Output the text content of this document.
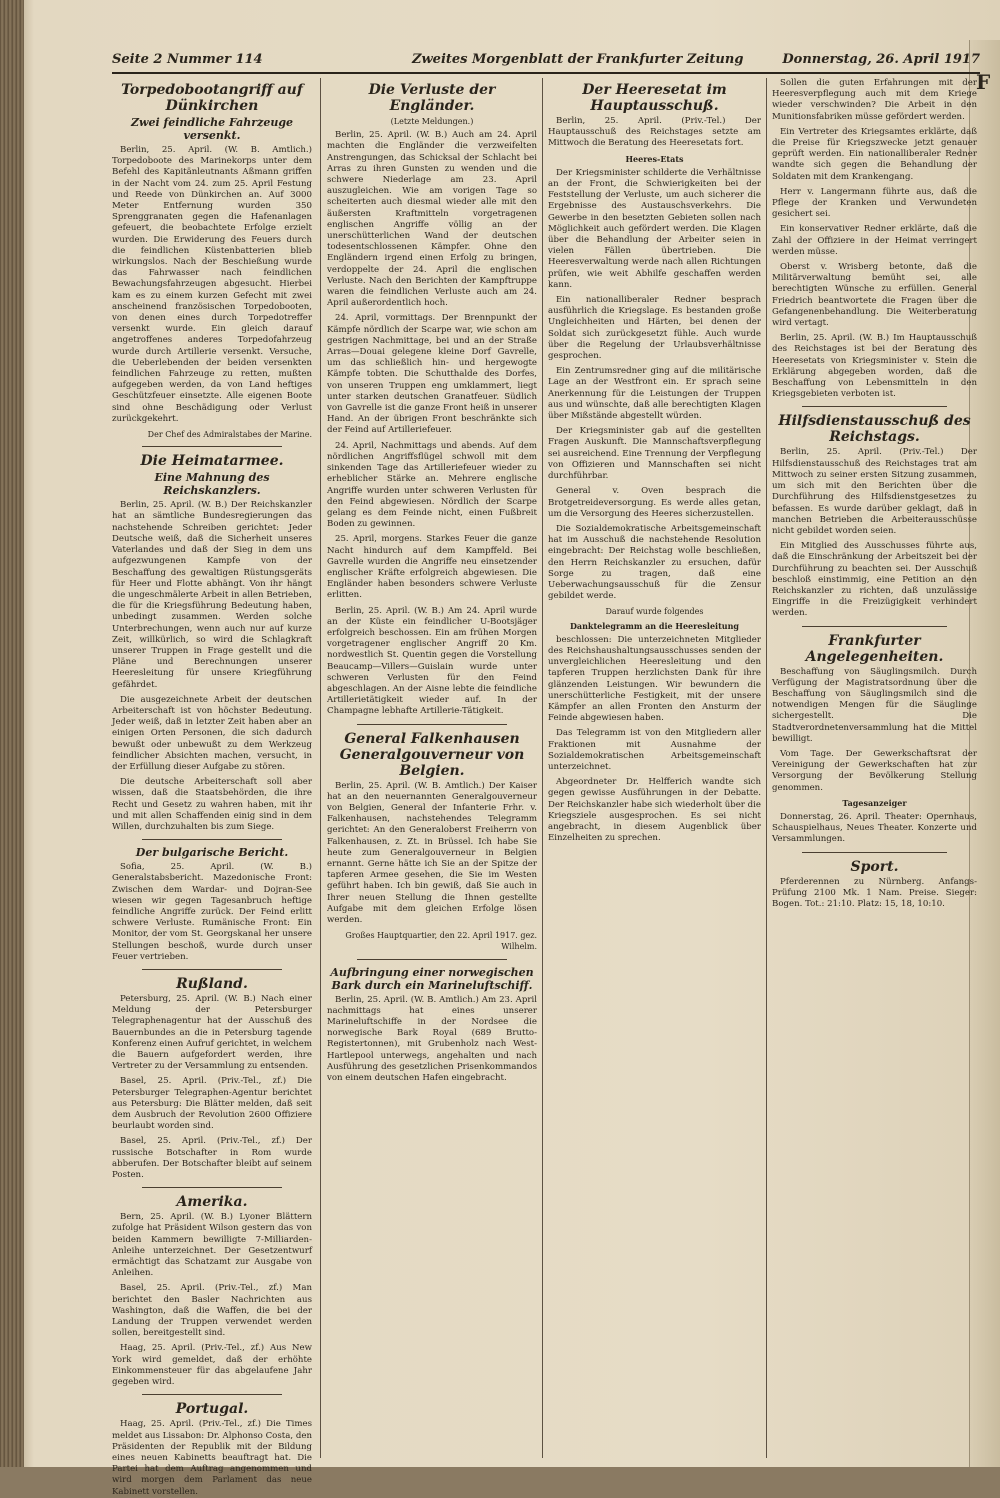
F
Seite 2 Nummer 114	Zweites Morgenblatt der Frankfurter Zeitung	Donnerstag, 26. April 1917
Torpedobootangriff auf Dünkirchen
Zwei feindliche Fahrzeuge versenkt.

Berlin, 25. April. (W. B. Amtlich.) Torpedoboote des Marinekorps unter dem Befehl des Kapitänleutnants Aßmann griffen in der Nacht vom 24. zum 25. April Festung und Reede von Dünkirchen an. Auf 3000 Meter Entfernung wurden 350 Sprenggranaten gegen die Hafenanlagen gefeuert, die beobachtete Erfolge erzielt wurden. Die Erwiderung des Feuers durch die feindlichen Küstenbatterien blieb wirkungslos. Nach der Beschießung wurde das Fahrwasser nach feindlichen Bewachungsfahrzeugen abgesucht. Hierbei kam es zu einem kurzen Gefecht mit zwei anscheinend französischen Torpedobooten, von denen eines durch Torpedotreffer versenkt wurde. Ein gleich darauf angetroffenes anderes Torpedofahrzeug wurde durch Artillerie versenkt. Versuche, die Ueberlebenden der beiden versenkten feindlichen Fahrzeuge zu retten, mußten aufgegeben werden, da von Land heftiges Geschützfeuer einsetzte. Alle eigenen Boote sind ohne Beschädigung oder Verlust zurückgekehrt.

Der Chef des Admiralstabes der Marine.
Die Heimatarmee.
Eine Mahnung des Reichskanzlers.

Berlin, 25. April. (W. B.) Der Reichskanzler hat an sämtliche Bundesregierungen das nachstehende Schreiben gerichtet: Jeder Deutsche weiß, daß die Sicherheit unseres Vaterlandes und daß der Sieg in dem uns aufgezwungenen Kampfe von der Beschaffung des gewaltigen Rüstungsgeräts für Heer und Flotte abhängt. Von ihr hängt die ungeschmälerte Arbeit in allen Betrieben, die für die Kriegsführung Bedeutung haben, unbedingt zusammen. Werden solche Unterbrechungen, wenn auch nur auf kurze Zeit, willkürlich, so wird die Schlagkraft unserer Truppen in Frage gestellt und die Pläne und Berechnungen unserer Heeresleitung für unsere Kriegführung gefährdet.

Die ausgezeichnete Arbeit der deutschen Arbeiterschaft ist von höchster Bedeutung. Jeder weiß, daß in letzter Zeit haben aber an einigen Orten Personen, die sich dadurch bewußt oder unbewußt zu dem Werkzeug feindlicher Absichten machen, versucht, in der Erfüllung dieser Aufgabe zu stören.

Die deutsche Arbeiterschaft soll aber wissen, daß die Staatsbehörden, die ihre Recht und Gesetz zu wahren haben, mit ihr und mit allen Schaffenden einig sind in dem Willen, durchzuhalten bis zum Siege.

Der bulgarische Bericht.

Sofia, 25. April. (W. B.) Generalstabsbericht. Mazedonische Front: Zwischen dem Wardar- und Dojran-See wiesen wir gegen Tagesanbruch heftige feindliche Angriffe zurück. Der Feind erlitt schwere Verluste. Rumänische Front: Ein Monitor, der vom St. Georgskanal her unsere Stellungen beschoß, wurde durch unser Feuer vertrieben.

Rußland.

Petersburg, 25. April. (W. B.) Nach einer Meldung der Petersburger Telegraphenagentur hat der Ausschuß des Bauernbundes an die in Petersburg tagende Konferenz einen Aufruf gerichtet, in welchem die Bauern aufgefordert werden, ihre Vertreter zu der Versammlung zu entsenden.

Basel, 25. April. (Priv.-Tel., zf.) Die Petersburger Telegraphen-Agentur berichtet aus Petersburg: Die Blätter melden, daß seit dem Ausbruch der Revolution 2600 Offiziere beurlaubt worden sind.

Basel, 25. April. (Priv.-Tel., zf.) Der russische Botschafter in Rom wurde abberufen. Der Botschafter bleibt auf seinem Posten.

Amerika.

Bern, 25. April. (W. B.) Lyoner Blättern zufolge hat Präsident Wilson gestern das von beiden Kammern bewilligte 7-Milliarden-Anleihe unterzeichnet. Der Gesetzentwurf ermächtigt das Schatzamt zur Ausgabe von Anleihen.

Basel, 25. April. (Priv.-Tel., zf.) Man berichtet den Basler Nachrichten aus Washington, daß die Waffen, die bei der Landung der Truppen verwendet werden sollen, bereitgestellt sind.

Haag, 25. April. (Priv.-Tel., zf.) Aus New York wird gemeldet, daß der erhöhte Einkommensteuer für das abgelaufene Jahr gegeben wird.

Portugal.

Haag, 25. April. (Priv.-Tel., zf.) Die Times meldet aus Lissabon: Dr. Alphonso Costa, den Präsidenten der Republik mit der Bildung eines neuen Kabinetts beauftragt hat. Die Partei hat dem Auftrag angenommen und wird morgen dem Parlament das neue Kabinett vorstellen.

Die Verluste der Engländer.
(Letzte Meldungen.)

Berlin, 25. April. (W. B.) Auch am 24. April machten die Engländer die verzweifelten Anstrengungen, das Schicksal der Schlacht bei Arras zu ihren Gunsten zu wenden und die schwere Niederlage am 23. April auszugleichen. Wie am vorigen Tage so scheiterten auch diesmal wieder alle mit den äußersten Kraftmitteln vorgetragenen englischen Angriffe völlig an der unerschütterlichen Wand der deutschen todesentschlossenen Kämpfer. Ohne den Engländern irgend einen Erfolg zu bringen, verdoppelte der 24. April die englischen Verluste. Nach den Berichten der Kampftruppe waren die feindlichen Verluste auch am 24. April außerordentlich hoch.

24. April, vormittags. Der Brennpunkt der Kämpfe nördlich der Scarpe war, wie schon am gestrigen Nachmittage, bei und an der Straße Arras—Douai gelegene kleine Dorf Gavrelle, um das schließlich hin- und hergewogte Kämpfe tobten. Die Schutthalde des Dorfes, von unseren Truppen eng umklammert, liegt unter starken deutschen Granatfeuer. Südlich von Gavrelle ist die ganze Front heiß in unserer Hand. An der übrigen Front beschränkte sich der Feind auf Artilleriefeuer.

24. April, Nachmittags und abends. Auf dem nördlichen Angriffsflügel schwoll mit dem sinkenden Tage das Artilleriefeuer wieder zu erheblicher Stärke an. Mehrere englische Angriffe wurden unter schweren Verlusten für den Feind abgewiesen. Nördlich der Scarpe gelang es dem Feinde nicht, einen Fußbreit Boden zu gewinnen.

25. April, morgens. Starkes Feuer die ganze Nacht hindurch auf dem Kampffeld. Bei Gavrelle wurden die Angriffe neu einsetzender englischer Kräfte erfolgreich abgewiesen. Die Engländer haben besonders schwere Verluste erlitten.

Berlin, 25. April. (W. B.) Am 24. April wurde an der Küste ein feindlicher U-Bootsjäger erfolgreich beschossen. Ein am frühen Morgen vorgetragener englischer Angriff 20 Km. nordwestlich St. Quentin gegen die Vorstellung Beaucamp—Villers—Guislain wurde unter schweren Verlusten für den Feind abgeschlagen. An der Aisne lebte die feindliche Artillerietätigkeit wieder auf. In der Champagne lebhafte Artillerie-Tätigkeit.

General Falkenhausen Generalgouverneur von Belgien.

Berlin, 25. April. (W. B. Amtlich.) Der Kaiser hat an den neuernannten Generalgouverneur von Belgien, General der Infanterie Frhr. v. Falkenhausen, nachstehendes Telegramm gerichtet: An den Generaloberst Freiherrn von Falkenhausen, z. Zt. in Brüssel. Ich habe Sie heute zum Generalgouverneur in Belgien ernannt. Gerne hätte ich Sie an der Spitze der tapferen Armee gesehen, die Sie im Westen geführt haben. Ich bin gewiß, daß Sie auch in Ihrer neuen Stellung die Ihnen gestellte Aufgabe mit dem gleichen Erfolge lösen werden.

Großes Hauptquartier, den 22. April 1917. gez. Wilhelm.
Aufbringung einer norwegischen Bark durch ein Marineluftschiff.

Berlin, 25. April. (W. B. Amtlich.) Am 23. April nachmittags hat eines unserer Marineluftschiffe in der Nordsee die norwegische Bark Royal (689 Brutto-Registertonnen), mit Grubenholz nach West-Hartlepool unterwegs, angehalten und nach Ausführung des gesetzlichen Prisenkommandos von einem deutschen Hafen eingebracht.

Der Heeresetat im Hauptausschuß.

Berlin, 25. April. (Priv.-Tel.) Der Hauptausschuß des Reichstages setzte am Mittwoch die Beratung des Heeresetats fort.

Heeres-Etats

Der Kriegsminister schilderte die Verhältnisse an der Front, die Schwierigkeiten bei der Feststellung der Verluste, um auch sicherer die Ergebnisse des Austauschsverkehrs. Die Gewerbe in den besetzten Gebieten sollen nach Möglichkeit auch gefördert werden. Die Klagen über die Behandlung der Arbeiter seien in vielen Fällen übertrieben. Die Heeresverwaltung werde nach allen Richtungen prüfen, wie weit Abhilfe geschaffen werden kann.

Ein nationalliberaler Redner besprach ausführlich die Kriegslage. Es bestanden große Ungleichheiten und Härten, bei denen der Soldat sich zurückgesetzt fühle. Auch wurde über die Regelung der Urlaubsverhältnisse gesprochen.

Ein Zentrumsredner ging auf die militärische Lage an der Westfront ein. Er sprach seine Anerkennung für die Leistungen der Truppen aus und wünschte, daß alle berechtigten Klagen über Mißstände abgestellt würden.

Der Kriegsminister gab auf die gestellten Fragen Auskunft. Die Mannschaftsverpflegung sei ausreichend. Eine Trennung der Verpflegung von Offizieren und Mannschaften sei nicht durchführbar.

General v. Oven besprach die Brotgetreideversorgung. Es werde alles getan, um die Versorgung des Heeres sicherzustellen.

Die Sozialdemokratische Arbeitsgemeinschaft hat im Ausschuß die nachstehende Resolution eingebracht: Der Reichstag wolle beschließen, den Herrn Reichskanzler zu ersuchen, dafür Sorge zu tragen, daß eine Ueberwachungsausschuß für die Zensur gebildet werde.

Darauf wurde folgendes
Danktelegramm an die Heeresleitung

beschlossen: Die unterzeichneten Mitglieder des Reichshaushaltungsausschusses senden der unvergleichlichen Heeresleitung und den tapferen Truppen herzlichsten Dank für ihre glänzenden Leistungen. Wir bewundern die unerschütterliche Festigkeit, mit der unsere Kämpfer an allen Fronten den Ansturm der Feinde abgewiesen haben.

Das Telegramm ist von den Mitgliedern aller Fraktionen mit Ausnahme der Sozialdemokratischen Arbeitsgemeinschaft unterzeichnet.

Abgeordneter Dr. Helfferich wandte sich gegen gewisse Ausführungen in der Debatte. Der Reichskanzler habe sich wiederholt über die Kriegsziele ausgesprochen. Es sei nicht angebracht, in diesem Augenblick über Einzelheiten zu sprechen.

Sollen die guten Erfahrungen mit der Heeresverpflegung auch mit dem Kriege wieder verschwinden? Die Arbeit in den Munitionsfabriken müsse gefördert werden.

Ein Vertreter des Kriegsamtes erklärte, daß die Preise für Kriegszwecke jetzt genauer geprüft werden. Ein nationalliberaler Redner wandte sich gegen die Behandlung der Soldaten mit dem Krankengang.

Herr v. Langermann führte aus, daß die Pflege der Kranken und Verwundeten gesichert sei.

Ein konservativer Redner erklärte, daß die Zahl der Offiziere in der Heimat verringert werden müsse.

Oberst v. Wrisberg betonte, daß die Militärverwaltung bemüht sei, alle berechtigten Wünsche zu erfüllen. General Friedrich beantwortete die Fragen über die Gefangenenbehandlung. Die Weiterberatung wird vertagt.

Berlin, 25. April. (W. B.) Im Hauptausschuß des Reichstages ist bei der Beratung des Heeresetats von Kriegsminister v. Stein die Erklärung abgegeben worden, daß die Beschaffung von Lebensmitteln in den Kriegsgebieten verboten ist.

Hilfsdienstausschuß des Reichstags.

Berlin, 25. April. (Priv.-Tel.) Der Hilfsdienstausschuß des Reichstages trat am Mittwoch zu seiner ersten Sitzung zusammen, um sich mit den Berichten über die Durchführung des Hilfsdienstgesetzes zu befassen. Es wurde darüber geklagt, daß in manchen Betrieben die Arbeiterausschüsse nicht gebildet worden seien.

Ein Mitglied des Ausschusses führte aus, daß die Einschränkung der Arbeitszeit bei der Durchführung zu beachten sei. Der Ausschuß beschloß einstimmig, eine Petition an den Reichskanzler zu richten, daß unzulässige Eingriffe in die Freizügigkeit verhindert werden.

Frankfurter Angelegenheiten.

Beschaffung von Säuglingsmilch. Durch Verfügung der Magistratsordnung über die Beschaffung von Säuglingsmilch sind die notwendigen Mengen für die Säuglinge sichergestellt. Die Stadtverordnetenversammlung hat die Mittel bewilligt.

Vom Tage. Der Gewerkschaftsrat der Vereinigung der Gewerkschaften hat zur Versorgung der Bevölkerung Stellung genommen.

Tagesanzeiger

Donnerstag, 26. April. Theater: Opernhaus, Schauspielhaus, Neues Theater. Konzerte und Versammlungen.

Sport.

Pferderennen zu Nürnberg. Anfangs-Prüfung 2100 Mk. 1 Nam. Preise. Sieger: Bogen. Tot.: 21:10. Platz: 15, 18, 10:10.
